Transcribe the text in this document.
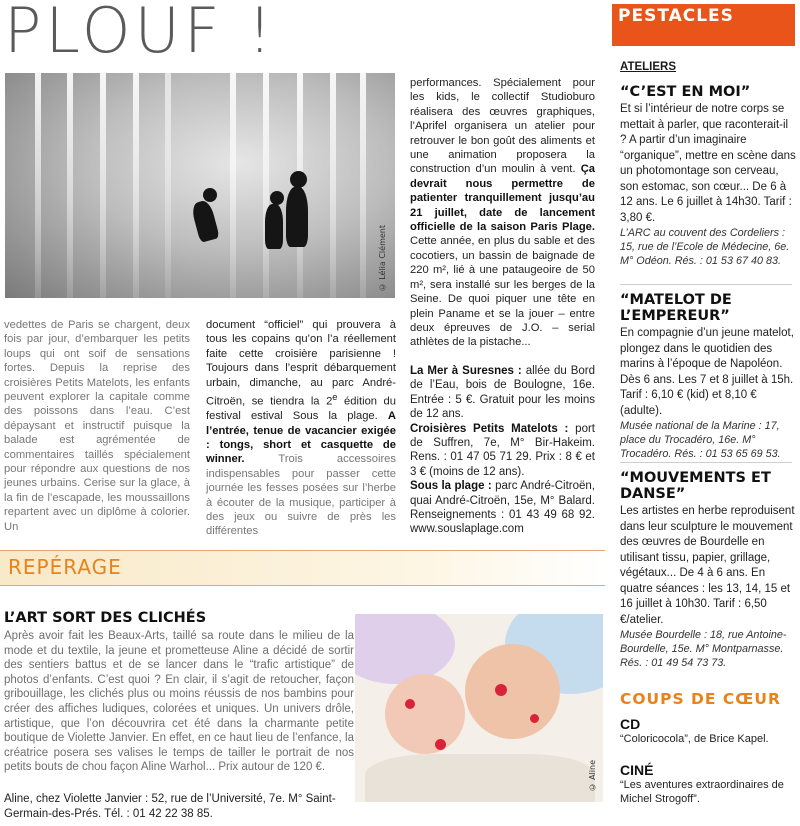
PLOUF !
© Lélia Clément
vedettes de Paris se chargent, deux fois par jour, d’embarquer les petits loups qui ont soif de sensations fortes. Depuis la reprise des croisières Petits Matelots, les enfants peuvent explorer la capitale comme des poissons dans l’eau. C’est dépaysant et instructif puisque la balade est agrémentée de commentaires taillés spécialement pour répondre aux questions de nos jeunes urbains. Cerise sur la glace, à la fin de l’escapade, les moussaillons repartent avec un diplôme à colorier. Un
document “officiel” qui prouvera à tous les copains qu’on l’a réellement faite cette croisière parisienne ! Toujours dans l’esprit débarquement urbain, dimanche, au parc André-Citroën, se tiendra la 2e édition du festival estival Sous la plage. A l’entrée, tenue de vacancier exigée : tongs, short et casquette de winner. Trois accessoires indispensables pour passer cette journée les fesses posées sur l’herbe à écouter de la musique, participer à des jeux ou suivre de près les différentes
performances. Spécialement pour les kids, le collectif Studioburo réalisera des œuvres graphiques, l’Aprifel organisera un atelier pour retrouver le bon goût des aliments et une animation proposera la construction d’un moulin à vent. Ça devrait nous permettre de patienter tranquillement jusqu’au 21 juillet, date de lancement officielle de la saison Paris Plage. Cette année, en plus du sable et des cocotiers, un bassin de baignade de 220 m², lié à une pataugeoire de 50 m², sera installé sur les berges de la Seine. De quoi piquer une tête en plein Paname et se la jouer – entre deux épreuves de J.O. – serial athlètes de la pistache...
La Mer à Suresnes : allée du Bord de l’Eau, bois de Boulogne, 16e. Entrée : 5 €. Gratuit pour les moins de 12 ans.
Croisières Petits Matelots : port de Suffren, 7e, M° Bir-Hakeim. Rens. : 01 47 05 71 29. Prix : 8 € et 3 € (moins de 12 ans).
Sous la plage : parc André-Citroën, quai André-Citroën, 15e, M° Balard. Renseignements : 01 43 49 68 92. www.souslaplage.com
PESTACLES
ATELIERS
“C’EST EN MOI”
Et si l’intérieur de notre corps se mettait à parler, que raconterait-il ? A partir d’un imaginaire “organique”, mettre en scène dans un photomontage son cerveau, son estomac, son cœur... De 6 à 12 ans. Le 6 juillet à 14h30. Tarif : 3,80 €.
L’ARC au couvent des Cordeliers : 15, rue de l’Ecole de Médecine, 6e. M° Odéon. Rés. : 01 53 67 40 83.
“MATELOT DE L’EMPEREUR”
En compagnie d’un jeune matelot, plongez dans le quotidien des marins à l’époque de Napoléon. Dès 6 ans. Les 7 et 8 juillet à 15h. Tarif : 6,10 € (kid) et 8,10 € (adulte).
Musée national de la Marine : 17, place du Trocadéro, 16e. M° Trocadéro. Rés. : 01 53 65 69 53.
“MOUVEMENTS ET DANSE”
Les artistes en herbe reproduisent dans leur sculpture le mouvement des œuvres de Bourdelle en utilisant tissu, papier, grillage, végétaux... De 4 à 6 ans. En quatre séances : les 13, 14, 15 et 16 juillet à 10h30. Tarif : 6,50 €/atelier.
Musée Bourdelle : 18, rue Antoine-Bourdelle, 15e. M° Montparnasse. Rés. : 01 49 54 73 73.
COUPS DE CŒUR
CD
“Coloricocola”, de Brice Kapel.
CINÉ
“Les aventures extraordinaires de Michel Strogoff”.
REPÉRAGE
L’ART SORT DES CLICHÉS
Après avoir fait les Beaux-Arts, taillé sa route dans le milieu de la mode et du textile, la jeune et prometteuse Aline a décidé de sortir des sentiers battus et de se lancer dans le “trafic artistique” de photos d’enfants. C’est quoi ? En clair, il s’agit de retoucher, façon gribouillage, les clichés plus ou moins réussis de nos bambins pour créer des affiches ludiques, colorées et uniques. Un univers drôle, artistique, que l’on découvrira cet été dans la charmante petite boutique de Violette Janvier. En effet, en ce haut lieu de l’enfance, la créatrice posera ses valises le temps de tailler le portrait de nos petits bouts de chou façon Aline Warhol... Prix autour de 120 €.
Aline, chez Violette Janvier : 52, rue de l’Université, 7e. M° Saint-Germain-des-Prés. Tél. : 01 42 22 38 85.
© Aline
